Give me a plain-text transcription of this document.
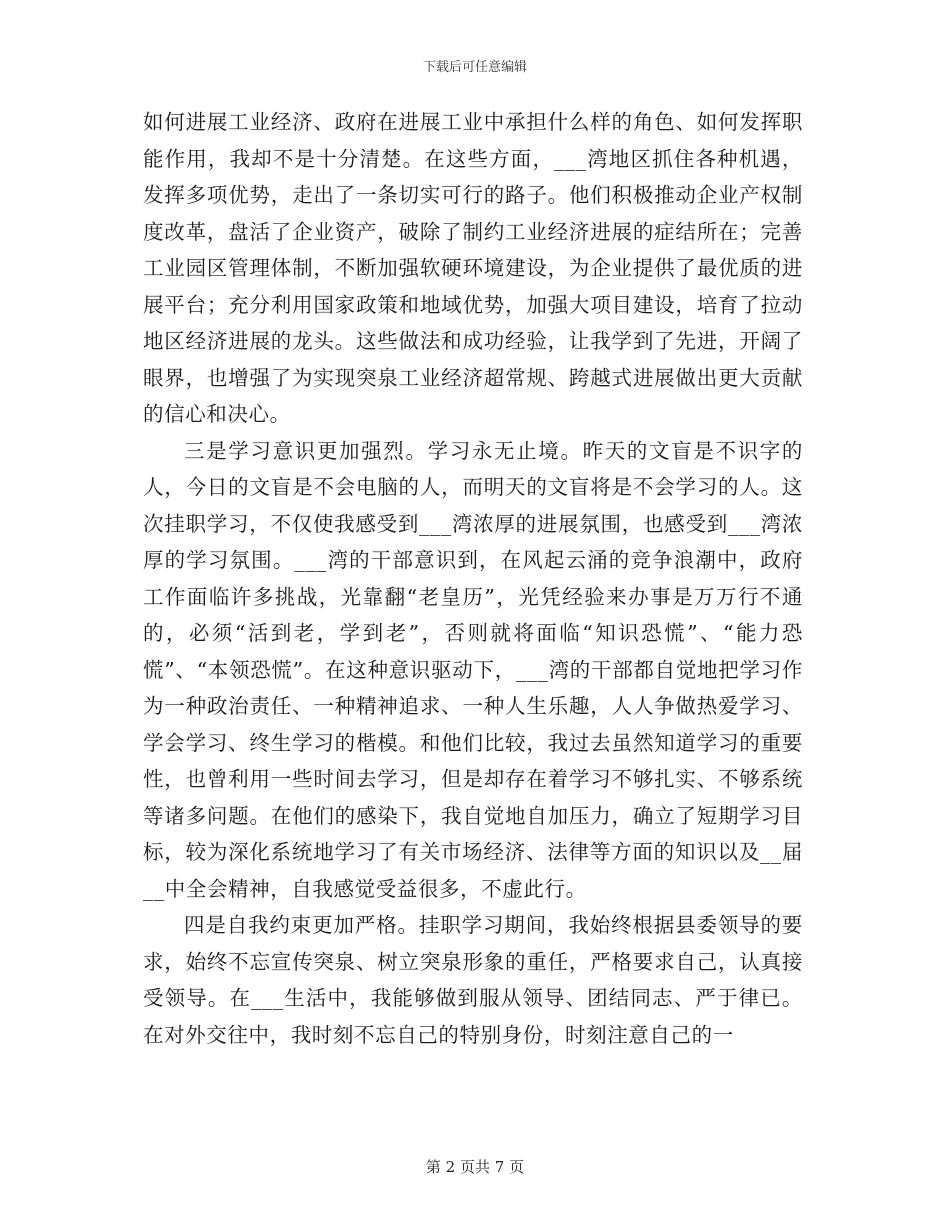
下载后可任意编辑

如何进展工业经济、政府在进展工业中承担什么样的角色、如何发挥职能作用，我却不是十分清楚。在这些方面，___湾地区抓住各种机遇，发挥多项优势，走出了一条切实可行的路子。他们积极推动企业产权制度改革，盘活了企业资产，破除了制约工业经济进展的症结所在；完善工业园区管理体制，不断加强软硬环境建设，为企业提供了最优质的进展平台；充分利用国家政策和地域优势，加强大项目建设，培育了拉动地区经济进展的龙头。这些做法和成功经验，让我学到了先进，开阔了眼界，也增强了为实现突泉工业经济超常规、跨越式进展做出更大贡献的信心和决心。

三是学习意识更加强烈。学习永无止境。昨天的文盲是不识字的人，今日的文盲是不会电脑的人，而明天的文盲将是不会学习的人。这次挂职学习，不仅使我感受到___湾浓厚的进展氛围，也感受到___湾浓厚的学习氛围。___湾的干部意识到，在风起云涌的竞争浪潮中，政府工作面临许多挑战，光靠翻“老皇历”，光凭经验来办事是万万行不通的，必须“活到老，学到老”，否则就将面临“知识恐慌”、“能力恐慌”、“本领恐慌”。在这种意识驱动下，___湾的干部都自觉地把学习作为一种政治责任、一种精神追求、一种人生乐趣，人人争做热爱学习、学会学习、终生学习的楷模。和他们比较，我过去虽然知道学习的重要性，也曾利用一些时间去学习，但是却存在着学习不够扎实、不够系统等诸多问题。在他们的感染下，我自觉地自加压力，确立了短期学习目标，较为深化系统地学习了有关市场经济、法律等方面的知识以及__届__中全会精神，自我感觉受益很多，不虚此行。

四是自我约束更加严格。挂职学习期间，我始终根据县委领导的要求，始终不忘宣传突泉、树立突泉形象的重任，严格要求自己，认真接受领导。在___生活中，我能够做到服从领导、团结同志、严于律已。在对外交往中，我时刻不忘自己的特别身份，时刻注意自己的一

第 2 页共 7 页
